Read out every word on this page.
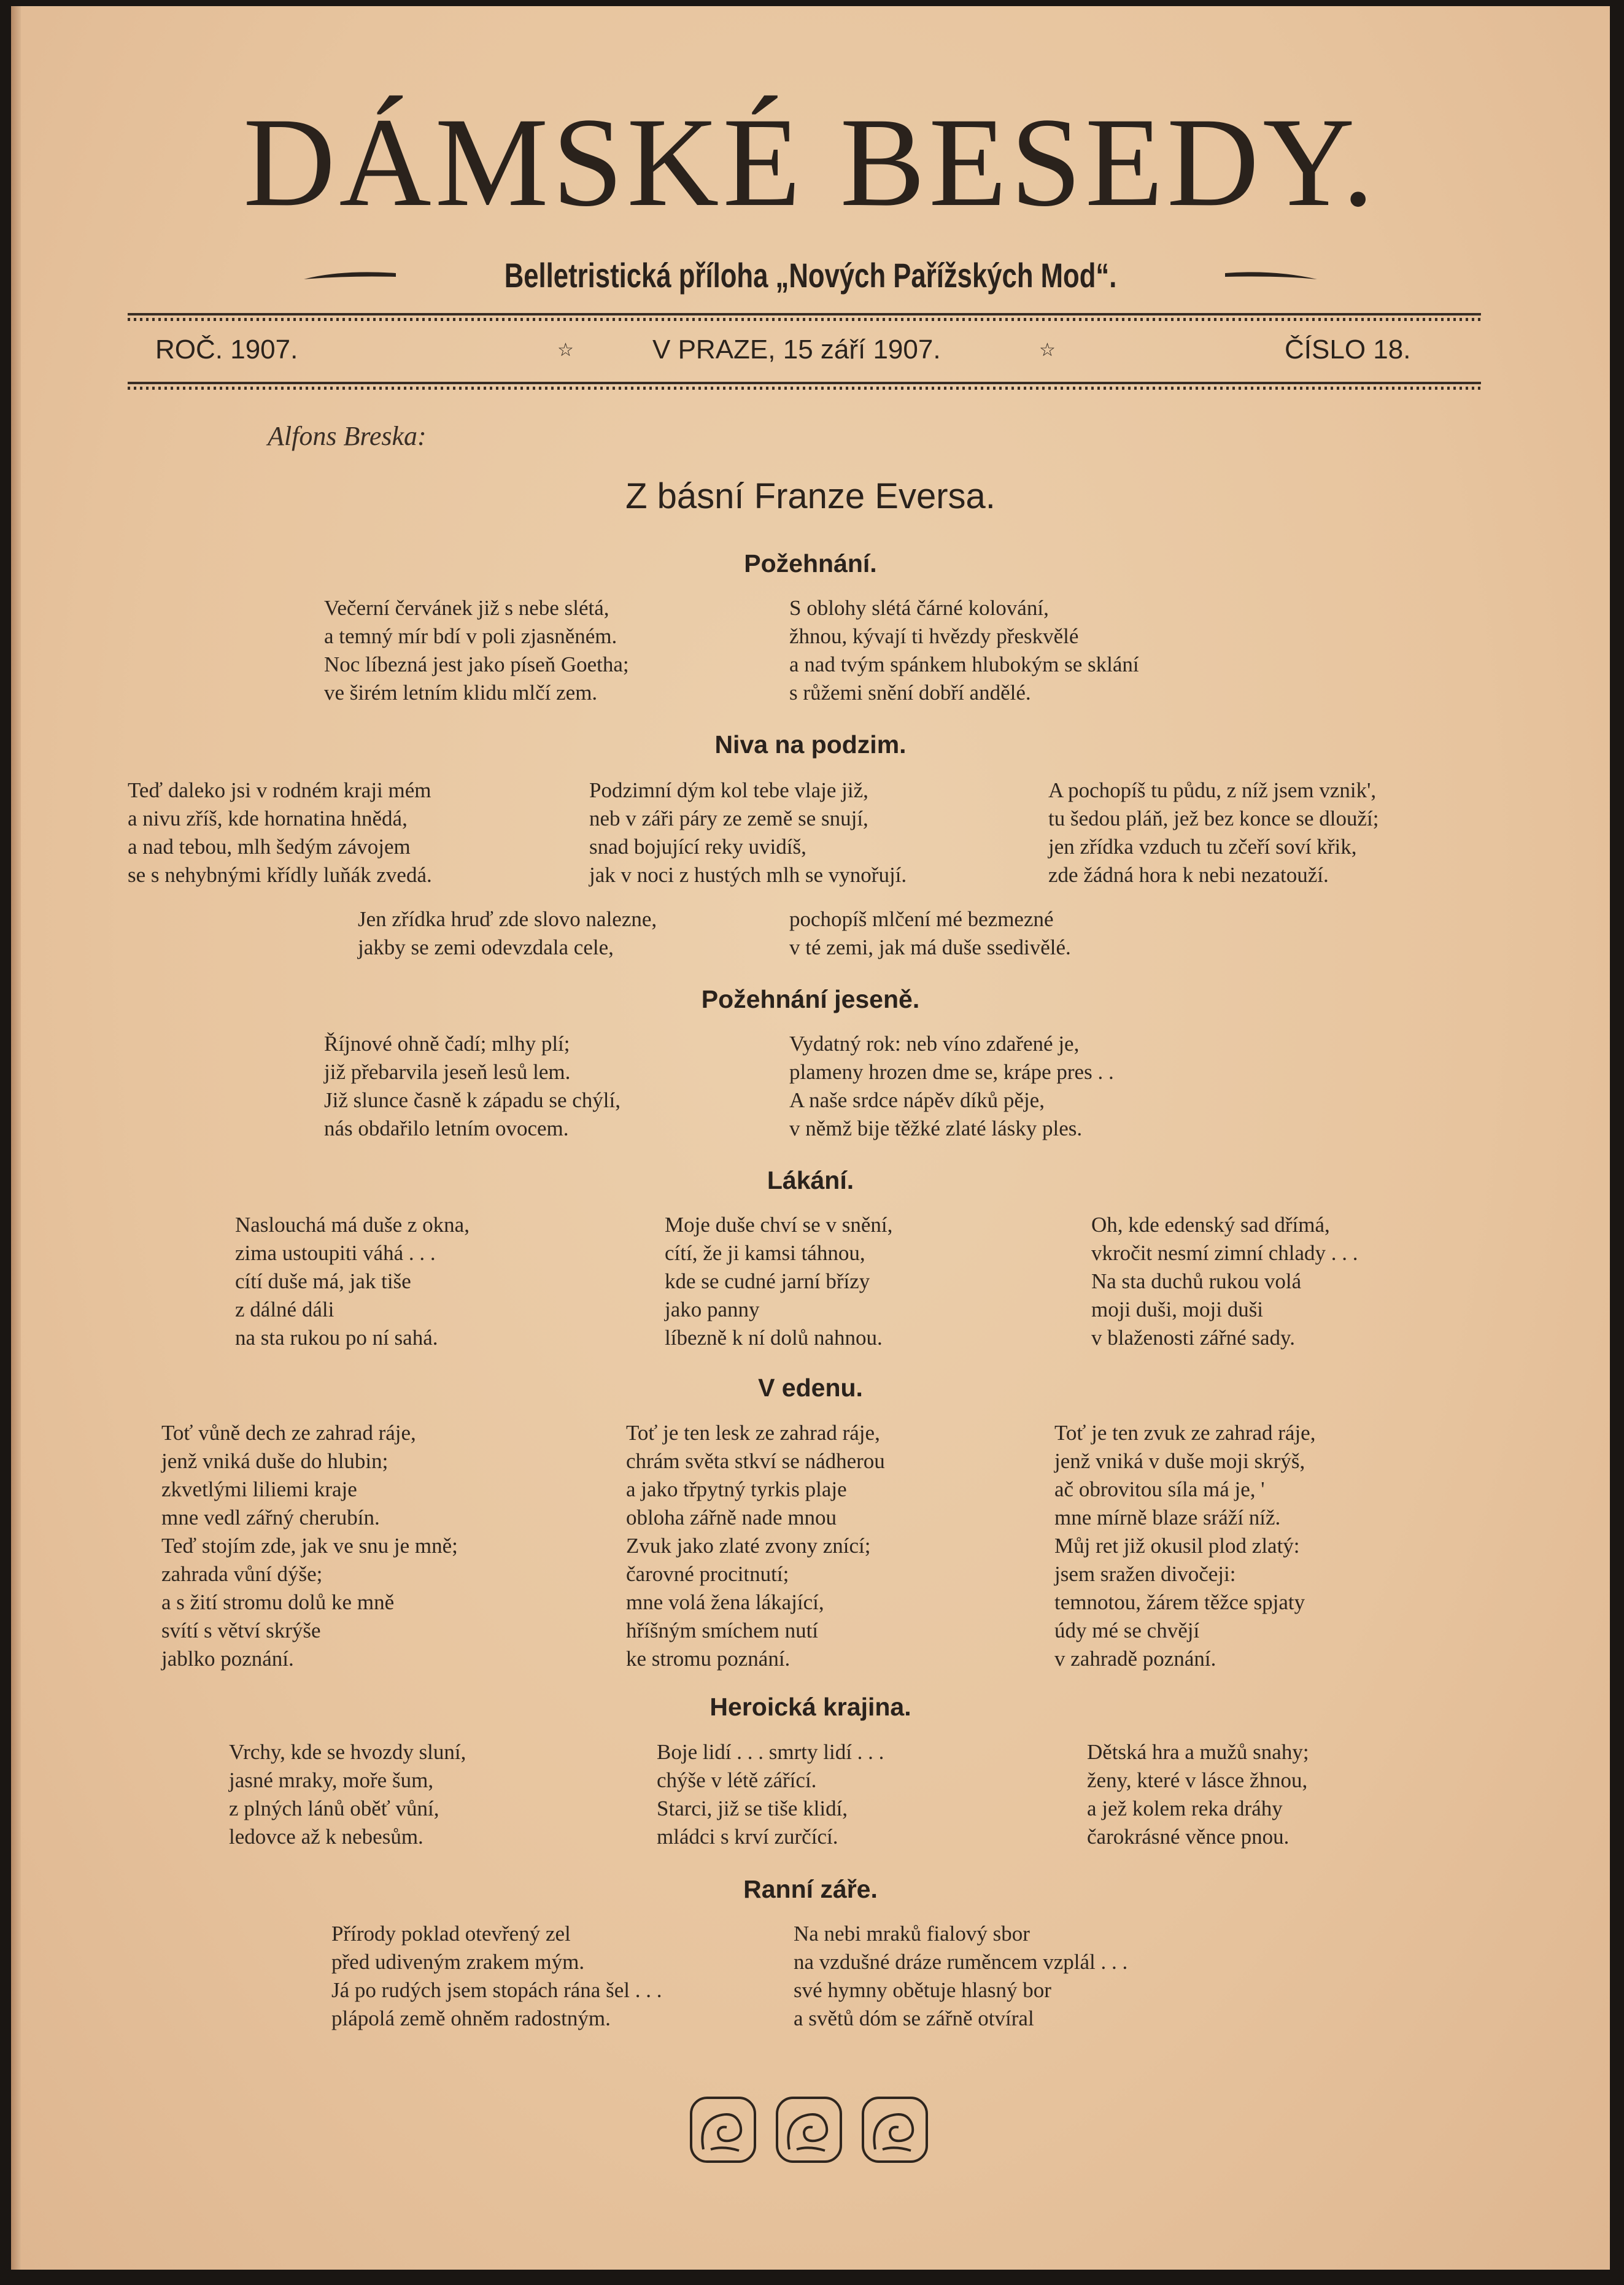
DÁMSKÉ BESEDY.
Belletristická příloha „Nových Pařížských Mod“.
ROČ. 1907.	☆	V PRAZE, 15 září 1907.	☆	ČÍSLO 18.
Alfons Breska:
Z básní Franze Eversa.
Požehnání.
Večerní červánek již s nebe slétá,
a temný mír bdí v poli zjasněném.
Noc líbezná jest jako píseň Goetha;
ve širém letním klidu mlčí zem.
S oblohy slétá čárné kolování,
žhnou, kývají ti hvězdy přeskvělé
a nad tvým spánkem hlubokým se sklání
s růžemi snění dobří andělé.
Niva na podzim.
Teď daleko jsi v rodném kraji mém
a nivu zříš, kde hornatina hnědá,
a nad tebou, mlh šedým závojem
se s nehybnými křídly luňák zvedá.
Podzimní dým kol tebe vlaje již,
neb v záři páry ze země se snují,
snad bojující reky uvidíš,
jak v noci z hustých mlh se vynořují.
A pochopíš tu půdu, z níž jsem vznik',
tu šedou pláň, jež bez konce se dlouží;
jen zřídka vzduch tu zčeří soví křik,
zde žádná hora k nebi nezatouží.
Jen zřídka hruď zde slovo nalezne,
jakby se zemi odevzdala cele,
pochopíš mlčení mé bezmezné
v té zemi, jak má duše ssedivělé.
Požehnání jeseně.
Říjnové ohně čadí; mlhy plí;
již přebarvila jeseň lesů lem.
Již slunce časně k západu se chýlí,
nás obdařilo letním ovocem.
Vydatný rok: neb víno zdařené je,
plameny hrozen dme se, krápe pres . .
A naše srdce nápěv díků pěje,
v němž bije těžké zlaté lásky ples.
Lákání.
Naslouchá má duše z okna,
zima ustoupiti váhá . . .
cítí duše má, jak tiše
z dálné dáli
na sta rukou po ní sahá.
Moje duše chví se v snění,
cítí, že ji kamsi táhnou,
kde se cudné jarní břízy
jako panny
líbezně k ní dolů nahnou.
Oh, kde edenský sad dřímá,
vkročit nesmí zimní chlady . . .
Na sta duchů rukou volá
moji duši, moji duši
v blaženosti zářné sady.
V edenu.
Toť vůně dech ze zahrad ráje,
jenž vniká duše do hlubin;
zkvetlými liliemi kraje
mne vedl zářný cherubín.
Teď stojím zde, jak ve snu je mně;
zahrada vůní dýše;
a s žití stromu dolů ke mně
svítí s větví skrýše
jablko poznání.
Toť je ten lesk ze zahrad ráje,
chrám světa stkví se nádherou
a jako třpytný tyrkis plaje
obloha zářně nade mnou
Zvuk jako zlaté zvony znící;
čarovné procitnutí;
mne volá žena lákající,
hříšným smíchem nutí
ke stromu poznání.
Toť je ten zvuk ze zahrad ráje,
jenž vniká v duše moji skrýš,
ač obrovitou síla má je, '
mne mírně blaze sráží níž.
Můj ret již okusil plod zlatý:
jsem sražen divočeji:
temnotou, žárem těžce spjaty
údy mé se chvějí
v zahradě poznání.
Heroická krajina.
Vrchy, kde se hvozdy sluní,
jasné mraky, moře šum,
z plných lánů oběť vůní,
ledovce až k nebesům.
Boje lidí . . . smrty lidí . . .
chýše v létě zářící.
Starci, již se tiše klidí,
mládci s krví zurčící.
Dětská hra a mužů snahy;
ženy, které v lásce žhnou,
a jež kolem reka dráhy
čarokrásné věnce pnou.
Ranní záře.
Přírody poklad otevřený zel
před udiveným zrakem mým.
Já po rudých jsem stopách rána šel . . .
plápolá země ohněm radostným.
Na nebi mraků fialový sbor
na vzdušné dráze ruměncem vzplál . . .
své hymny obětuje hlasný bor
a světů dóm se zářně otvíral
